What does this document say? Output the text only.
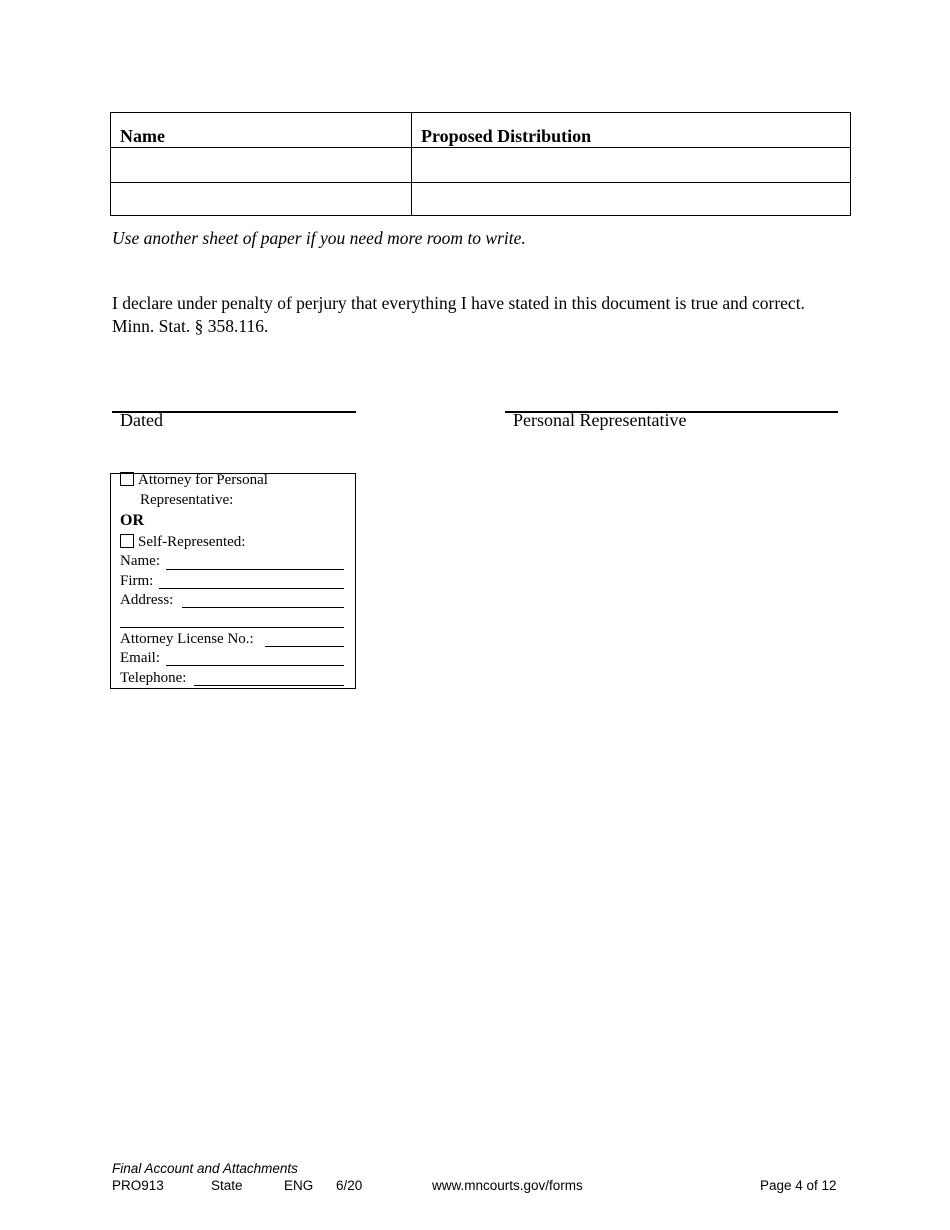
Name	Proposed Distribution
Use another sheet of paper if you need more room to write.
I declare under penalty of perjury that everything I have stated in this document is true and correct. Minn. Stat. § 358.116.
Dated	Personal Representative
Attorney for Personal
Representative:
OR
Self-Represented:
Name:
Firm:
Address:
Attorney License No.:
Email:
Telephone:
Final Account and Attachments
PRO913	State	ENG 6/20	www.mncourts.gov/forms	Page 4 of 12
